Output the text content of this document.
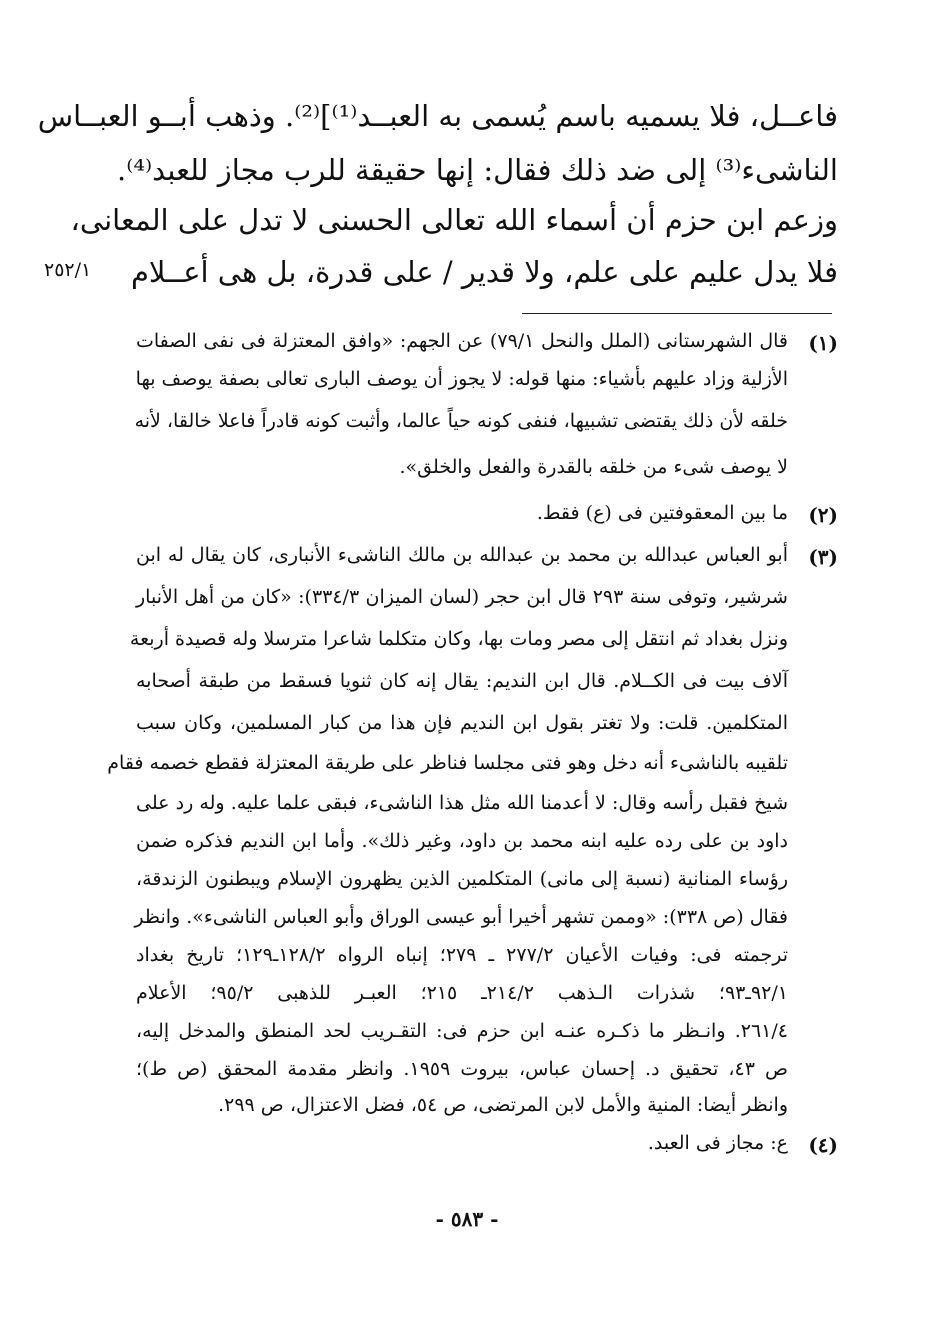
فاعــل، فلا يسميه باسم يُسمى به العبــد⁽¹⁾]⁽²⁾. وذهب أبــو العبــاس
الناشىء⁽³⁾ إلى ضد ذلك فقال: إنها حقيقة للرب مجاز للعبد⁽⁴⁾.
وزعم ابن حزم أن أسماء الله تعالى الحسنى لا تدل على المعانى،
فلا يدل عليم على علم، ولا قدير / على قدرة، بل هى أعــلام
٢٥٢/١
(١)
قال الشهرستانى (الملل والنحل ٧٩/١) عن الجهم: «وافق المعتزلة فى نفى الصفات
الأزلية وزاد عليهم بأشياء: منها قوله: لا يجوز أن يوصف البارى تعالى بصفة يوصف بها
خلقه لأن ذلك يقتضى تشبيها، فنفى كونه حياً عالما، وأثبت كونه قادراً فاعلا خالقا، لأنه
لا يوصف شىء من خلقه بالقدرة والفعل والخلق».
(٢)
ما بين المعقوفتين فى (ع) فقط.
(٣)
أبو العباس عبدالله بن محمد بن عبدالله بن مالك الناشىء الأنبارى، كان يقال له ابن
شرشير، وتوفى سنة ٢٩٣ قال ابن حجر (لسان الميزان ٣٣٤/٣): «كان من أهل الأنبار
ونزل بغداد ثم انتقل إلى مصر ومات بها، وكان متكلما شاعرا مترسلا وله قصيدة أربعة
آلاف بيت فى الكــلام. قال ابن النديم: يقال إنه كان ثنويا فسقط من طبقة أصحابه
المتكلمين. قلت: ولا تغتر بقول ابن النديم فإن هذا من كبار المسلمين، وكان سبب
تلقيبه بالناشىء أنه دخل وهو فتى مجلسا فناظر على طريقة المعتزلة فقطع خصمه فقام
شيخ فقبل رأسه وقال: لا أعدمنا الله مثل هذا الناشىء، فبقى علما عليه. وله رد على
داود بن على رده عليه ابنه محمد بن داود، وغير ذلك». وأما ابن النديم فذكره ضمن
رؤساء المنانية (نسبة إلى مانى) المتكلمين الذين يظهرون الإسلام ويبطنون الزندقة،
فقال (ص ٣٣٨): «وممن تشهر أخيرا أبو عيسى الوراق وأبو العباس الناشىء». وانظر
ترجمته فى: وفيات الأعيان ٢٧٧/٢ ـ ٢٧٩؛ إنباه الرواه ١٢٨/٢ـ١٢٩؛ تاريخ بغداد
٩٢/١ـ٩٣؛ شذرات الـذهب ٢١٤/٢ـ ٢١٥؛ العبـر للذهبى ٩٥/٢؛ الأعلام
٢٦١/٤. وانـظر ما ذكـره عنـه ابن حزم فى: التقـريب لحد المنطق والمدخل إليه،
ص ٤٣، تحقيق د. إحسان عباس، بيروت ١٩٥٩. وانظر مقدمة المحقق (ص ط)؛
وانظر أيضا: المنية والأمل لابن المرتضى، ص ٥٤، فضل الاعتزال، ص ٢٩٩.
(٤)
ع: مجاز فى العبد.
- ٥٨٣ -
